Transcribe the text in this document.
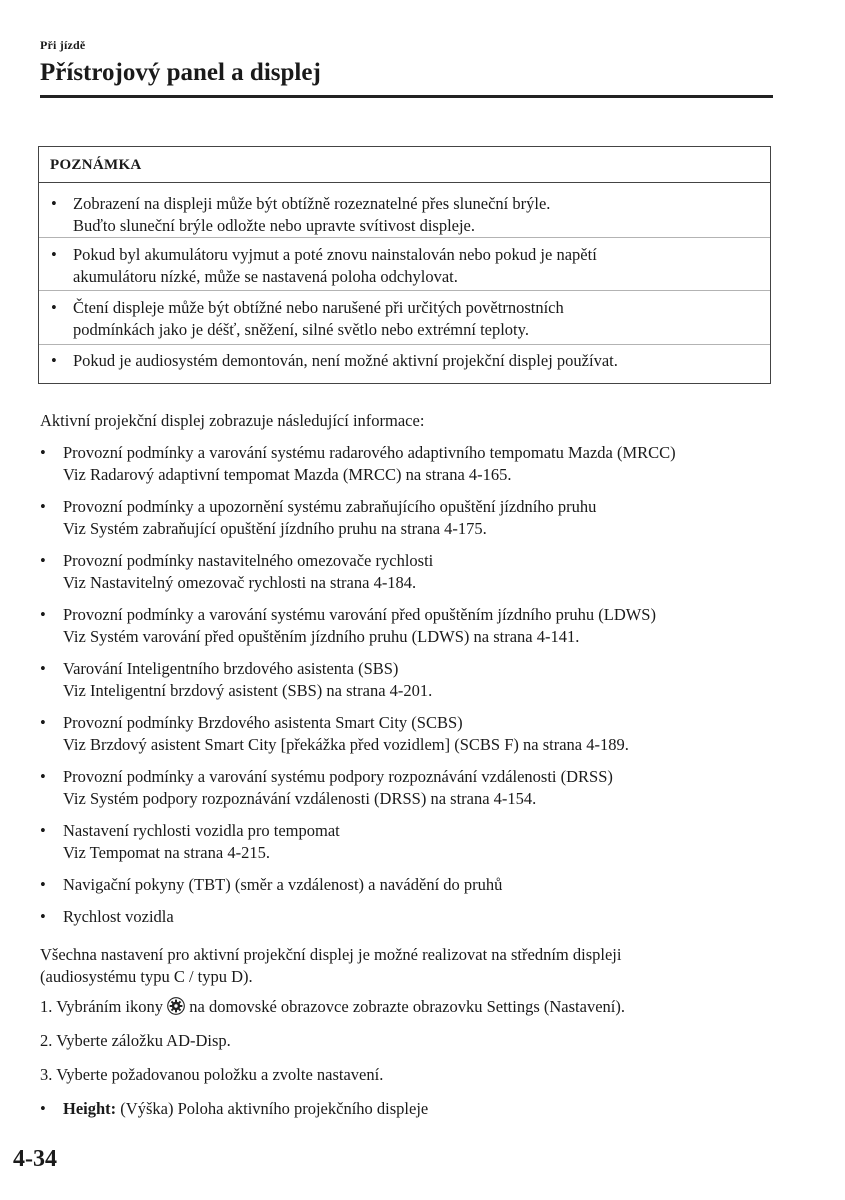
Při jízdě
Přístrojový panel a displej
POZNÁMKA
• Zobrazení na displeji může být obtížně rozeznatelné přes sluneční brýle.
Buďto sluneční brýle odložte nebo upravte svítivost displeje.
• Pokud byl akumulátoru vyjmut a poté znovu nainstalován nebo pokud je napětí
akumulátoru nízké, může se nastavená poloha odchylovat.
• Čtení displeje může být obtížné nebo narušené při určitých povětrnostních
podmínkách jako je déšť, sněžení, silné světlo nebo extrémní teploty.
• Pokud je audiosystém demontován, není možné aktivní projekční displej používat.
Aktivní projekční displej zobrazuje následující informace:
• Provozní podmínky a varování systému radarového adaptivního tempomatu Mazda (MRCC)
Viz Radarový adaptivní tempomat Mazda (MRCC) na strana 4-165.
• Provozní podmínky a upozornění systému zabraňujícího opuštění jízdního pruhu
Viz Systém zabraňující opuštění jízdního pruhu na strana 4-175.
• Provozní podmínky nastavitelného omezovače rychlosti
Viz Nastavitelný omezovač rychlosti na strana 4-184.
• Provozní podmínky a varování systému varování před opuštěním jízdního pruhu (LDWS)
Viz Systém varování před opuštěním jízdního pruhu (LDWS) na strana 4-141.
• Varování Inteligentního brzdového asistenta (SBS)
Viz Inteligentní brzdový asistent (SBS) na strana 4-201.
• Provozní podmínky Brzdového asistenta Smart City (SCBS)
Viz Brzdový asistent Smart City [překážka před vozidlem] (SCBS F) na strana 4-189.
• Provozní podmínky a varování systému podpory rozpoznávání vzdálenosti (DRSS)
Viz Systém podpory rozpoznávání vzdálenosti (DRSS) na strana 4-154.
• Nastavení rychlosti vozidla pro tempomat
Viz Tempomat na strana 4-215.
• Navigační pokyny (TBT) (směr a vzdálenost) a navádění do pruhů
• Rychlost vozidla
Všechna nastavení pro aktivní projekční displej je možné realizovat na středním displeji
(audiosystému typu C / typu D).
1. Vybráním ikony na domovské obrazovce zobrazte obrazovku Settings (Nastavení).
2. Vyberte záložku AD-Disp.
3. Vyberte požadovanou položku a zvolte nastavení.
• Height: (Výška) Poloha aktivního projekčního displeje
4-34
